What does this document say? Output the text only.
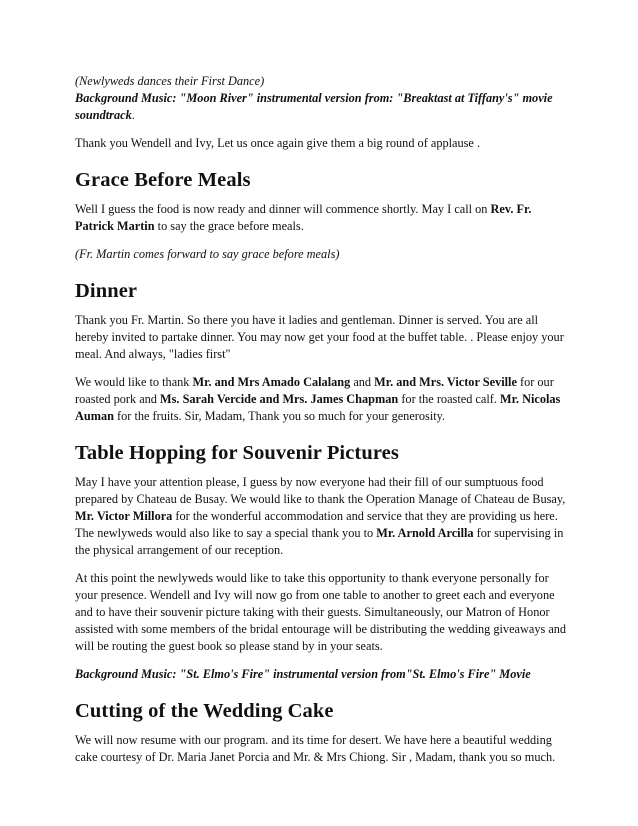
(Newlyweds dances their First Dance)

Background Music: "Moon River" instrumental version from: "Breaktast at Tiffany's" movie soundtrack.

Thank you Wendell and Ivy, Let us once again give them a big round of applause .

Grace Before Meals

Well I guess the food is now ready and dinner will commence shortly. May I call on Rev. Fr. Patrick Martin to say the grace before meals.

(Fr. Martin comes forward to say grace before meals)

Dinner

Thank you Fr. Martin. So there you have it ladies and gentleman. Dinner is served. You are all hereby invited to partake dinner. You may now get your food at the buffet table. . Please enjoy your meal. And always, "ladies first"

We would like to thank Mr. and Mrs Amado Calalang and Mr. and Mrs. Victor Seville for our roasted pork and Ms. Sarah Vercide and Mrs. James Chapman for the roasted calf. Mr. Nicolas Auman for the fruits. Sir, Madam, Thank you so much for your generosity.

Table Hopping for Souvenir Pictures

May I have your attention please, I guess by now everyone had their fill of our sumptuous food prepared by Chateau de Busay. We would like to thank the Operation Manage of Chateau de Busay, Mr. Victor Millora for the wonderful accommodation and service that they are providing us here. The newlyweds would also like to say a special thank you to Mr. Arnold Arcilla for supervising in the physical arrangement of our reception.

At this point the newlyweds would like to take this opportunity to thank everyone personally for your presence. Wendell and Ivy will now go from one table to another to greet each and everyone and to have their souvenir picture taking with their guests. Simultaneously, our Matron of Honor assisted with some members of the bridal entourage will be distributing the wedding giveaways and will be routing the guest book so please stand by in your seats.

Background Music: "St. Elmo's Fire" instrumental version from"St. Elmo's Fire" Movie

Cutting of the Wedding Cake

We will now resume with our program. and its time for desert. We have here a beautiful wedding cake courtesy of Dr. Maria Janet Porcia and Mr. & Mrs Chiong. Sir , Madam, thank you so much.
